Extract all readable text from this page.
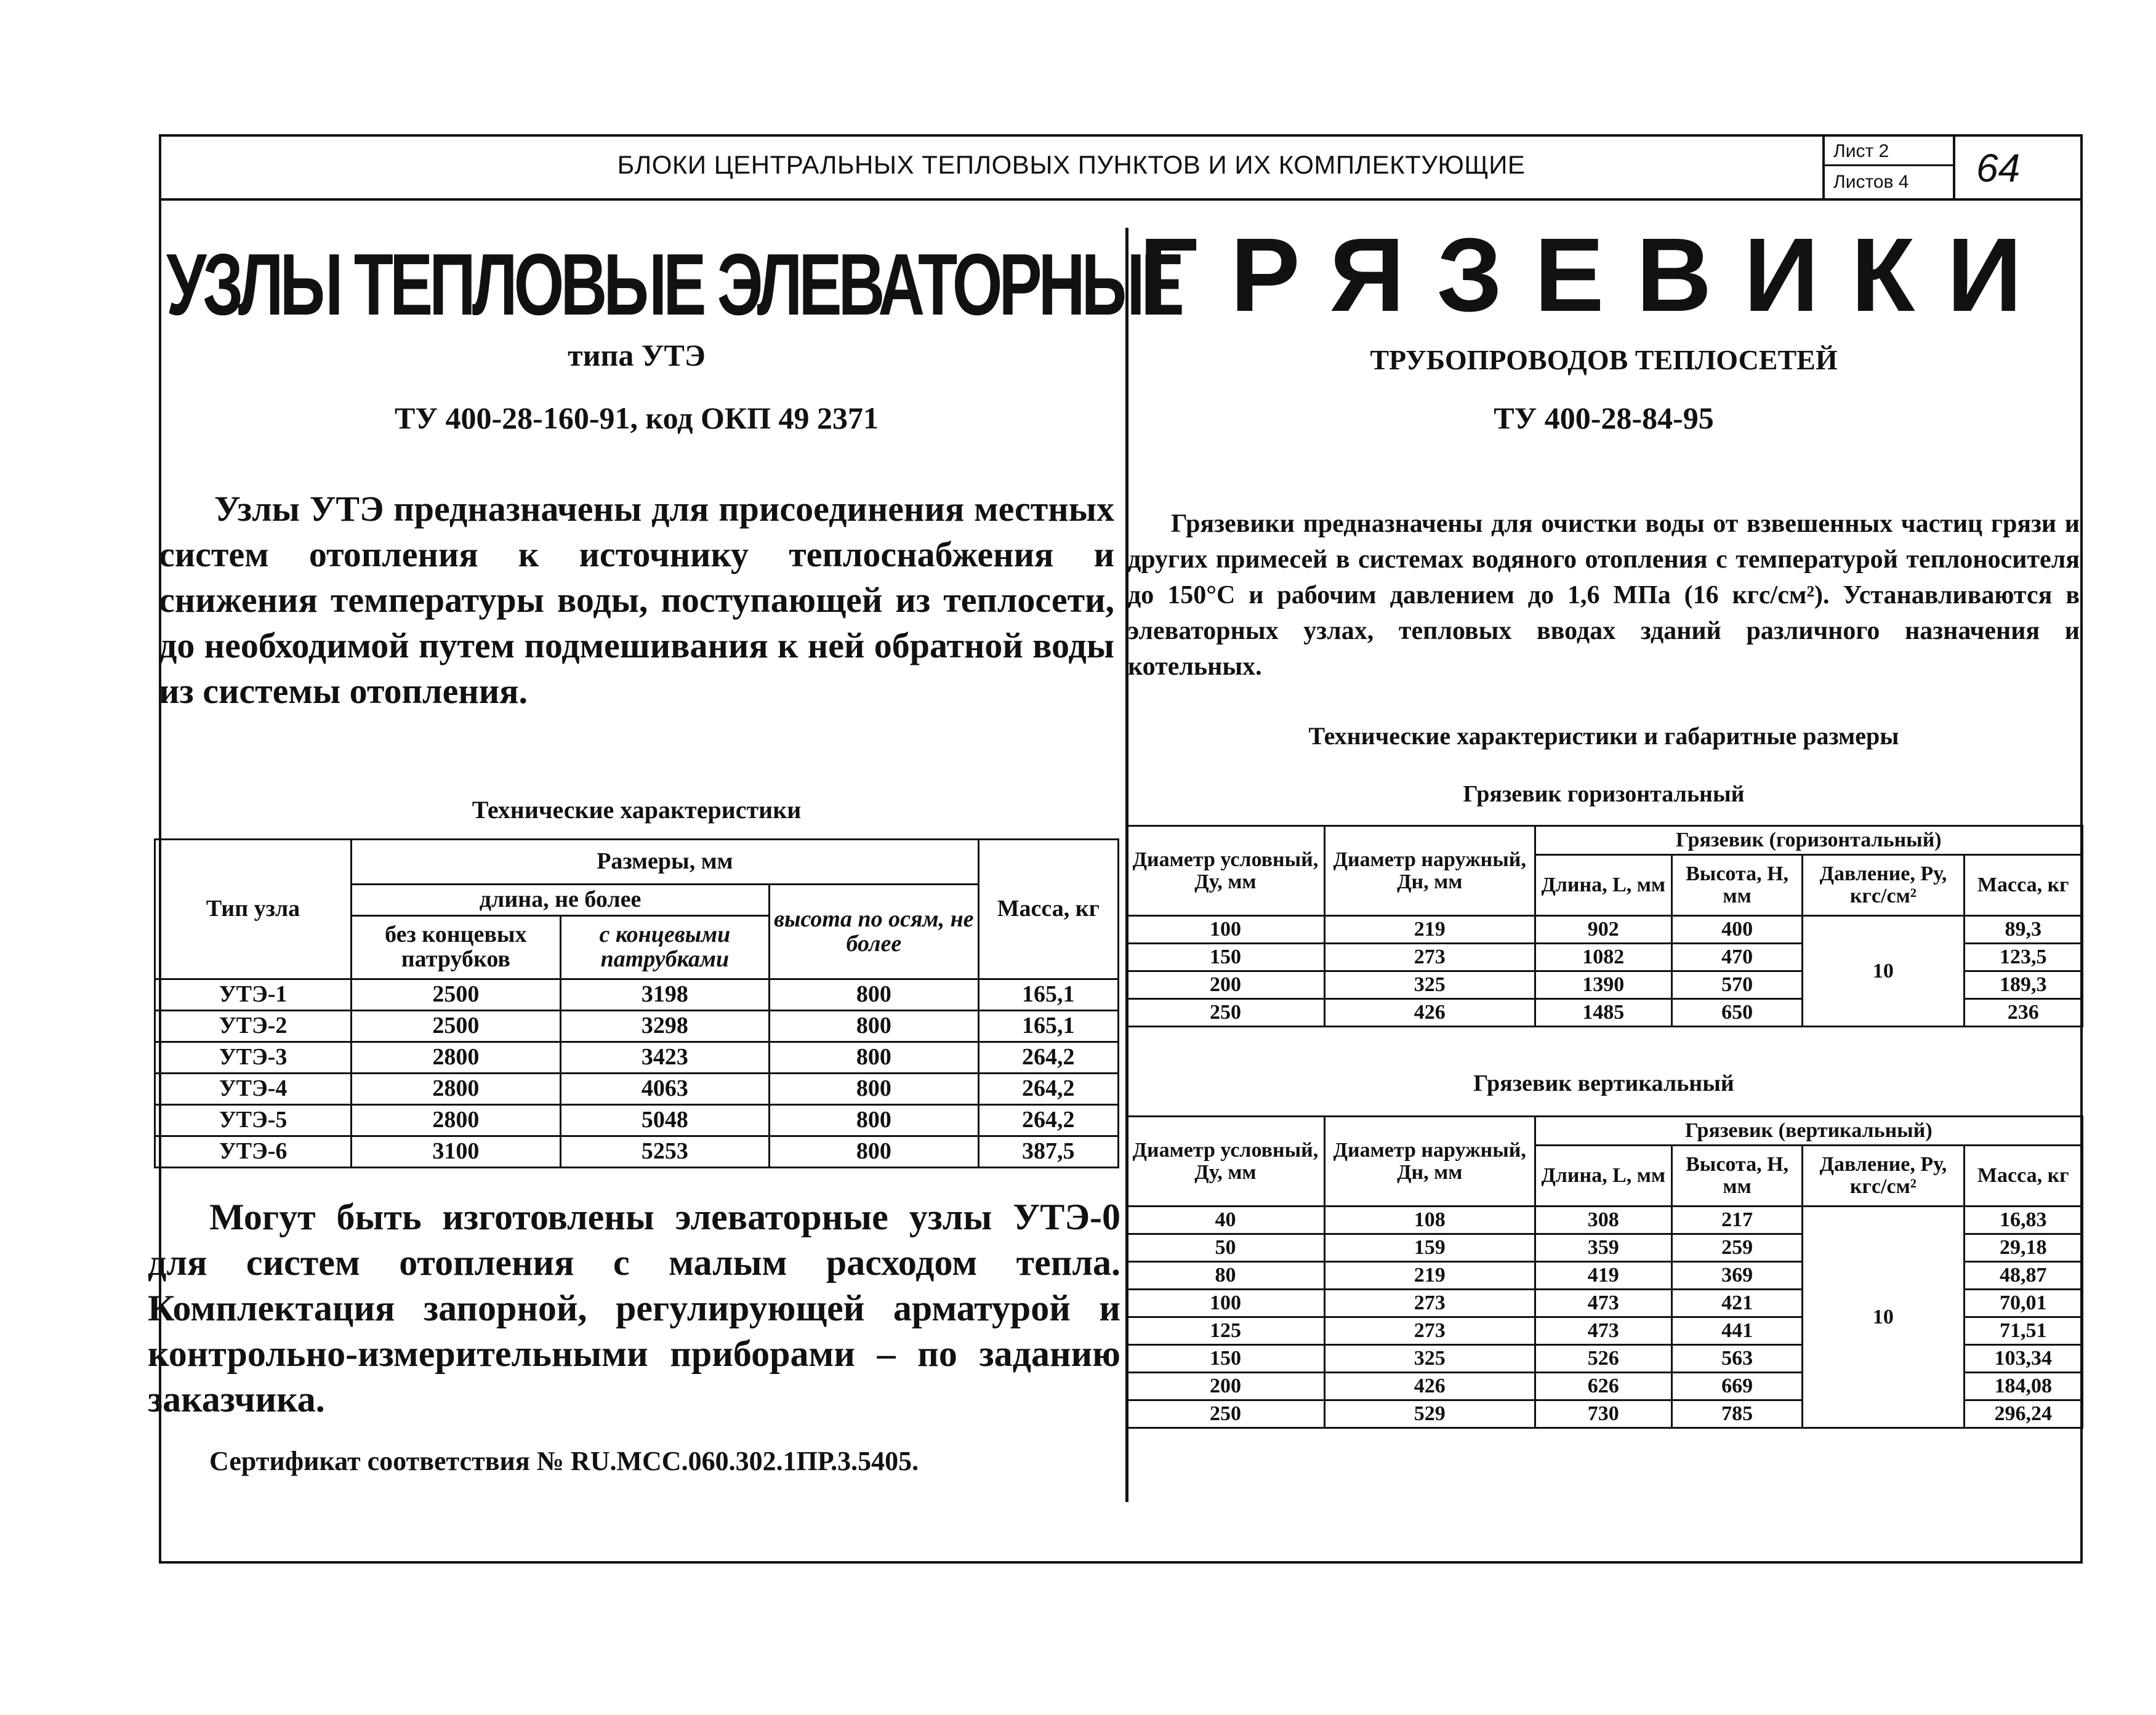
БЛОКИ ЦЕНТРАЛЬНЫХ ТЕПЛОВЫХ ПУНКТОВ И ИХ КОМПЛЕКТУЮЩИЕ	Лист 2
Листов 4	64
УЗЛЫ ТЕПЛОВЫЕ ЭЛЕВАТОРНЫЕ
типа УТЭ
ТУ 400-28-160-91, код ОКП 49 2371
Узлы УТЭ предназначены для присоединения местных систем отопления к источнику теплоснабжения и снижения температуры воды, поступающей из теплосети, до необходимой путем подмешивания к ней обратной воды из системы отопления.
Технические характеристики
Тип узла	Размеры, мм			Масса, кг
	длина, не более		высота по осям, не более	
	без концевых патрубков	с концевыми патрубками		
УТЭ-1	2500	3198	800	165,1
УТЭ-2	2500	3298	800	165,1
УТЭ-3	2800	3423	800	264,2
УТЭ-4	2800	4063	800	264,2
УТЭ-5	2800	5048	800	264,2
УТЭ-6	3100	5253	800	387,5
Могут быть изготовлены элеваторные узлы УТЭ-0 для систем отопления с малым расходом тепла. Комплектация запорной, регулирующей арматурой и контрольно-измерительными приборами – по заданию заказчика.
Сертификат соответствия № RU.МСС.060.302.1ПР.3.5405.
ГРЯЗЕВИКИ
ТРУБОПРОВОДОВ ТЕПЛОСЕТЕЙ
ТУ 400-28-84-95
Грязевики предназначены для очистки воды от взвешенных частиц грязи и других примесей в системах водяного отопления с температурой теплоносителя до 150°С и рабочим давлением до 1,6 МПа (16 кгс/см²). Устанавливаются в элеваторных узлах, тепловых вводах зданий различного назначения и котельных.
Технические характеристики и габаритные размеры
Грязевик горизонтальный
Диаметр условный, Ду, мм	Диаметр наружный, Дн, мм	Грязевик (горизонтальный)			
		Длина, L, мм	Высота, Н, мм	Давление, Ру, кгс/см²	Масса, кг
100	219	902	400	10	89,3
150	273	1082	470		123,5
200	325	1390	570		189,3
250	426	1485	650		236
Грязевик вертикальный
Диаметр условный, Ду, мм	Диаметр наружный, Дн, мм	Грязевик (вертикальный)			
		Длина, L, мм	Высота, Н, мм	Давление, Ру, кгс/см²	Масса, кг
40	108	308	217	10	16,83
50	159	359	259		29,18
80	219	419	369		48,87
100	273	473	421		70,01
125	273	473	441		71,51
150	325	526	563		103,34
200	426	626	669		184,08
250	529	730	785		296,24
